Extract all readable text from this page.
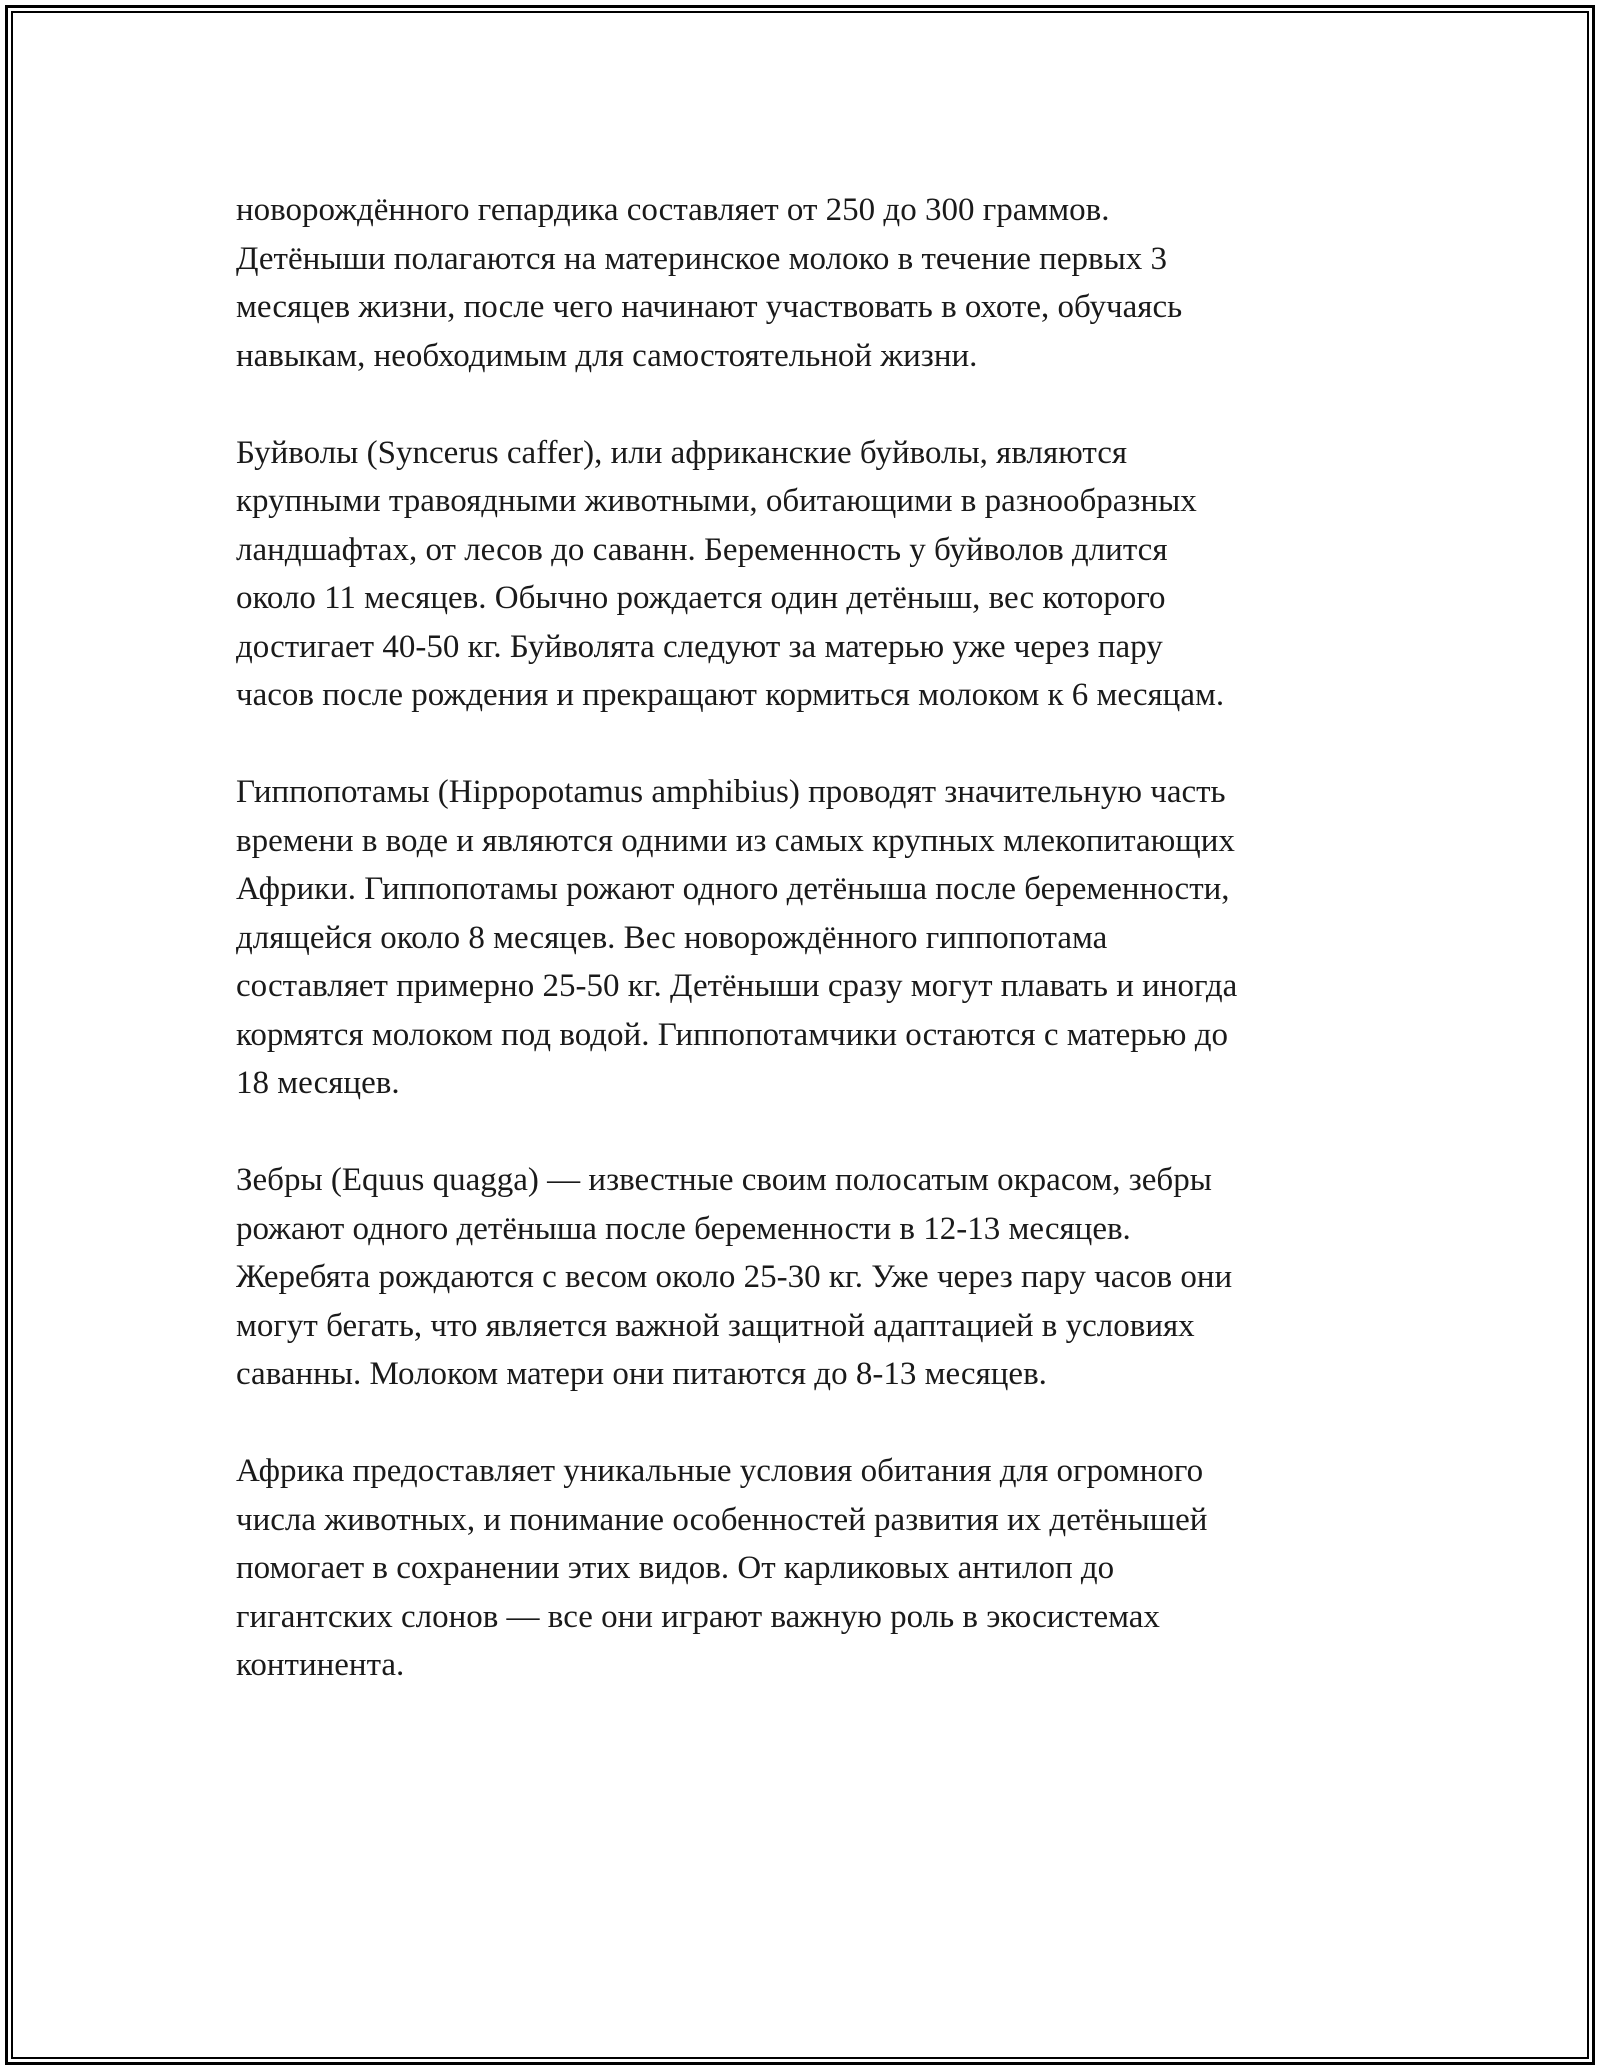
новорождённого гепардика составляет от 250 до 300 граммов.
Детёныши полагаются на материнское молоко в течение первых 3
месяцев жизни, после чего начинают участвовать в охоте, обучаясь
навыкам, необходимым для самостоятельной жизни.

Буйволы (Syncerus caffer), или африканские буйволы, являются
крупными травоядными животными, обитающими в разнообразных
ландшафтах, от лесов до саванн. Беременность у буйволов длится
около 11 месяцев. Обычно рождается один детёныш, вес которого
достигает 40-50 кг. Буйволята следуют за матерью уже через пару
часов после рождения и прекращают кормиться молоком к 6 месяцам.

Гиппопотамы (Hippopotamus amphibius) проводят значительную часть
времени в воде и являются одними из самых крупных млекопитающих
Африки. Гиппопотамы рожают одного детёныша после беременности,
длящейся около 8 месяцев. Вес новорождённого гиппопотама
составляет примерно 25-50 кг. Детёныши сразу могут плавать и иногда
кормятся молоком под водой. Гиппопотамчики остаются с матерью до
18 месяцев.

Зебры (Equus quagga) — известные своим полосатым окрасом, зебры
рожают одного детёныша после беременности в 12-13 месяцев.
Жеребята рождаются с весом около 25-30 кг. Уже через пару часов они
могут бегать, что является важной защитной адаптацией в условиях
саванны. Молоком матери они питаются до 8-13 месяцев.

Африка предоставляет уникальные условия обитания для огромного
числа животных, и понимание особенностей развития их детёнышей
помогает в сохранении этих видов. От карликовых антилоп до
гигантских слонов — все они играют важную роль в экосистемах
континента.
